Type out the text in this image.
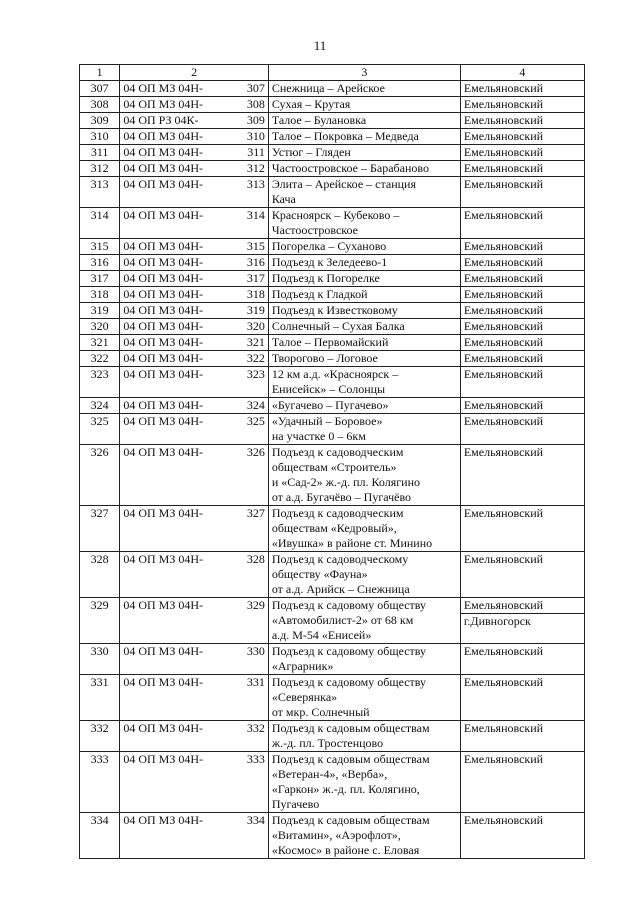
11
1	2	3	4
307	04 ОП МЗ 04Н- 307	Снежница – Арейское	Емельяновский

308	04 ОП МЗ 04Н- 308	Сухая – Крутая	Емельяновский

309	04 ОП РЗ 04К- 309	Талое – Булановка	Емельяновский

310	04 ОП МЗ 04Н- 310	Талое – Покровка – Медведа	Емельяновский

311	04 ОП МЗ 04Н- 311	Устюг – Гляден	Емельяновский

312	04 ОП МЗ 04Н- 312	Частоостровское – Барабаново	Емельяновский

313	04 ОП МЗ 04Н- 313	Элита – Арейское – станция
Кача	Емельяновский

314	04 ОП МЗ 04Н- 314	Красноярск – Кубеково –
Частоостровское	Емельяновский

315	04 ОП МЗ 04Н- 315	Погорелка – Суханово	Емельяновский

316	04 ОП МЗ 04Н- 316	Подъезд к Зеледеево-1	Емельяновский

317	04 ОП МЗ 04Н- 317	Подъезд к Погорелке	Емельяновский

318	04 ОП МЗ 04Н- 318	Подъезд к Гладкой	Емельяновский

319	04 ОП МЗ 04Н- 319	Подъезд к Известковому	Емельяновский

320	04 ОП МЗ 04Н- 320	Солнечный – Сухая Балка	Емельяновский

321	04 ОП МЗ 04Н- 321	Талое – Первомайский	Емельяновский

322	04 ОП МЗ 04Н- 322	Творогово – Логовое	Емельяновский

323	04 ОП МЗ 04Н- 323	12 км а.д. «Красноярск –
Енисейск» – Солонцы	Емельяновский

324	04 ОП МЗ 04Н- 324	«Бугачево – Пугачево»	Емельяновский

325	04 ОП МЗ 04Н- 325	«Удачный – Боровое»
на участке 0 – 6км	Емельяновский

326	04 ОП МЗ 04Н- 326	Подъезд к садоводческим
обществам «Строитель»
и «Сад-2» ж.-д. пл. Колягино
от а.д. Бугачёво – Пугачёво	Емельяновский

327	04 ОП МЗ 04Н- 327	Подъезд к садоводческим
обществам «Кедровый»,
«Ивушка» в районе ст. Минино	Емельяновский

328	04 ОП МЗ 04Н- 328	Подъезд к садоводческому
обществу «Фауна»
от а.д. Арийск – Снежница	Емельяновский

329	04 ОП МЗ 04Н- 329	Подъезд к садовому обществу
«Автомобилист-2» от 68 км
а.д. М-54 «Енисей»	Емельяновский
г.Дивногорск

330	04 ОП МЗ 04Н- 330	Подъезд к садовому обществу
«Аграрник»	Емельяновский

331	04 ОП МЗ 04Н- 331	Подъезд к садовому обществу
«Северянка»
от мкр. Солнечный	Емельяновский

332	04 ОП МЗ 04Н- 332	Подъезд к садовым обществам
ж.-д. пл. Тростенцово	Емельяновский

333	04 ОП МЗ 04Н- 333	Подъезд к садовым обществам
«Ветеран-4», «Верба»,
«Гаркон» ж.-д. пл. Колягино,
Пугачево	Емельяновский

334	04 ОП МЗ 04Н- 334	Подъезд к садовым обществам
«Витамин», «Аэрофлот»,
«Космос» в районе с. Еловая	Емельяновский
